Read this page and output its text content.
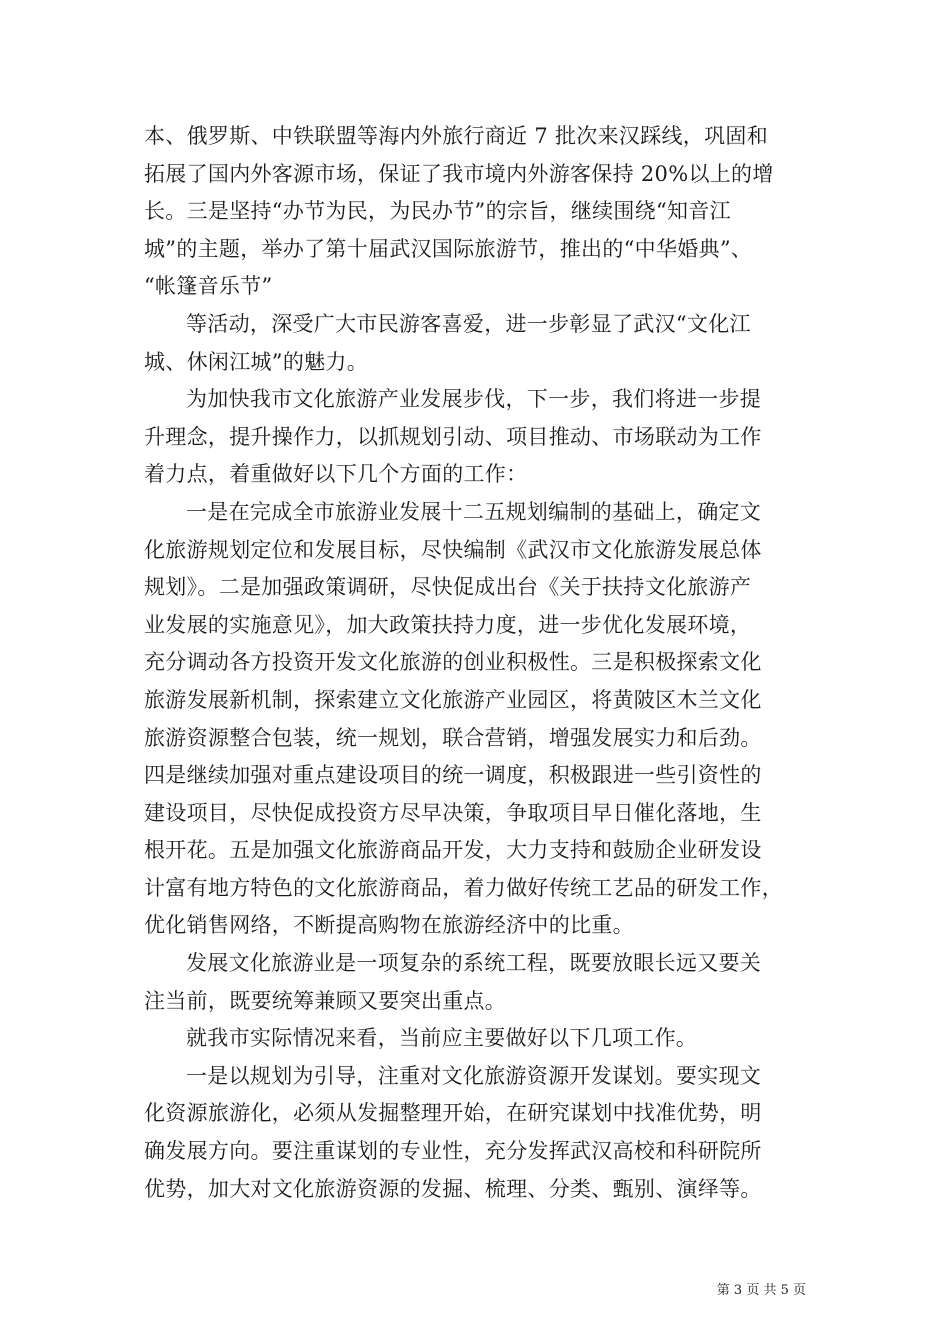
本、俄罗斯、中铁联盟等海内外旅行商近 7 批次来汉踩线，巩固和
拓展了国内外客源市场，保证了我市境内外游客保持 20%以上的增
长。三是坚持“办节为民，为民办节”的宗旨，继续围绕“知音江
城”的主题，举办了第十届武汉国际旅游节，推出的“中华婚典”、
“帐篷音乐节”
等活动，深受广大市民游客喜爱，进一步彰显了武汉“文化江
城、休闲江城”的魅力。
为加快我市文化旅游产业发展步伐，下一步，我们将进一步提
升理念，提升操作力，以抓规划引动、项目推动、市场联动为工作
着力点，着重做好以下几个方面的工作：
一是在完成全市旅游业发展十二五规划编制的基础上，确定文
化旅游规划定位和发展目标，尽快编制《武汉市文化旅游发展总体
规划》。二是加强政策调研，尽快促成出台《关于扶持文化旅游产
业发展的实施意见》，加大政策扶持力度，进一步优化发展环境，
充分调动各方投资开发文化旅游的创业积极性。三是积极探索文化
旅游发展新机制，探索建立文化旅游产业园区，将黄陂区木兰文化
旅游资源整合包装，统一规划，联合营销，增强发展实力和后劲。
四是继续加强对重点建设项目的统一调度，积极跟进一些引资性的
建设项目，尽快促成投资方尽早决策，争取项目早日催化落地，生
根开花。五是加强文化旅游商品开发，大力支持和鼓励企业研发设
计富有地方特色的文化旅游商品，着力做好传统工艺品的研发工作，
优化销售网络，不断提高购物在旅游经济中的比重。
发展文化旅游业是一项复杂的系统工程，既要放眼长远又要关
注当前，既要统筹兼顾又要突出重点。
就我市实际情况来看，当前应主要做好以下几项工作。
一是以规划为引导，注重对文化旅游资源开发谋划。要实现文
化资源旅游化，必须从发掘整理开始，在研究谋划中找准优势，明
确发展方向。要注重谋划的专业性，充分发挥武汉高校和科研院所
优势，加大对文化旅游资源的发掘、梳理、分类、甄别、演绎等。
第 3 页 共 5 页
